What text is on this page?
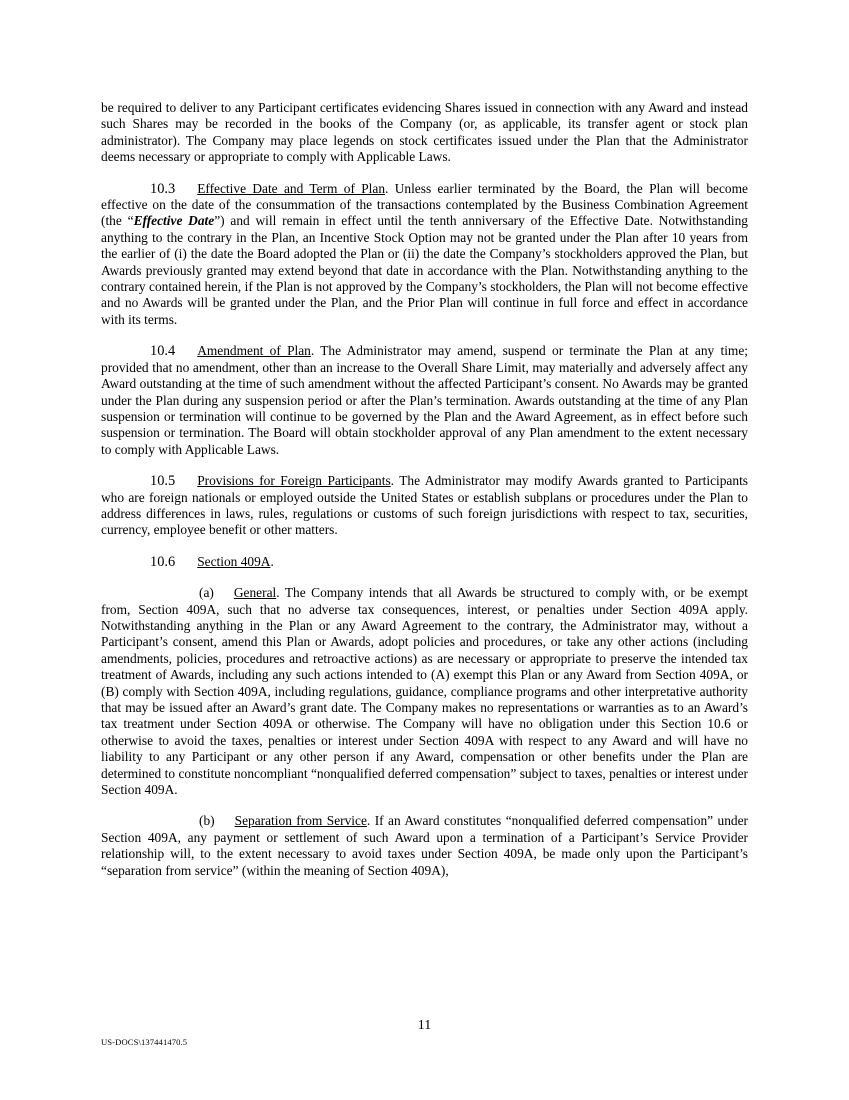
be required to deliver to any Participant certificates evidencing Shares issued in connection with any Award and instead such Shares may be recorded in the books of the Company (or, as applicable, its transfer agent or stock plan administrator). The Company may place legends on stock certificates issued under the Plan that the Administrator deems necessary or appropriate to comply with Applicable Laws.

10.3 Effective Date and Term of Plan. Unless earlier terminated by the Board, the Plan will become effective on the date of the consummation of the transactions contemplated by the Business Combination Agreement (the “Effective Date”) and will remain in effect until the tenth anniversary of the Effective Date. Notwithstanding anything to the contrary in the Plan, an Incentive Stock Option may not be granted under the Plan after 10 years from the earlier of (i) the date the Board adopted the Plan or (ii) the date the Company’s stockholders approved the Plan, but Awards previously granted may extend beyond that date in accordance with the Plan. Notwithstanding anything to the contrary contained herein, if the Plan is not approved by the Company’s stockholders, the Plan will not become effective and no Awards will be granted under the Plan, and the Prior Plan will continue in full force and effect in accordance with its terms.

10.4 Amendment of Plan. The Administrator may amend, suspend or terminate the Plan at any time; provided that no amendment, other than an increase to the Overall Share Limit, may materially and adversely affect any Award outstanding at the time of such amendment without the affected Participant’s consent. No Awards may be granted under the Plan during any suspension period or after the Plan’s termination. Awards outstanding at the time of any Plan suspension or termination will continue to be governed by the Plan and the Award Agreement, as in effect before such suspension or termination. The Board will obtain stockholder approval of any Plan amendment to the extent necessary to comply with Applicable Laws.

10.5 Provisions for Foreign Participants. The Administrator may modify Awards granted to Participants who are foreign nationals or employed outside the United States or establish subplans or procedures under the Plan to address differences in laws, rules, regulations or customs of such foreign jurisdictions with respect to tax, securities, currency, employee benefit or other matters.

10.6 Section 409A.

(a) General. The Company intends that all Awards be structured to comply with, or be exempt from, Section 409A, such that no adverse tax consequences, interest, or penalties under Section 409A apply. Notwithstanding anything in the Plan or any Award Agreement to the contrary, the Administrator may, without a Participant’s consent, amend this Plan or Awards, adopt policies and procedures, or take any other actions (including amendments, policies, procedures and retroactive actions) as are necessary or appropriate to preserve the intended tax treatment of Awards, including any such actions intended to (A) exempt this Plan or any Award from Section 409A, or (B) comply with Section 409A, including regulations, guidance, compliance programs and other interpretative authority that may be issued after an Award’s grant date. The Company makes no representations or warranties as to an Award’s tax treatment under Section 409A or otherwise. The Company will have no obligation under this Section 10.6 or otherwise to avoid the taxes, penalties or interest under Section 409A with respect to any Award and will have no liability to any Participant or any other person if any Award, compensation or other benefits under the Plan are determined to constitute noncompliant “nonqualified deferred compensation” subject to taxes, penalties or interest under Section 409A.

(b) Separation from Service. If an Award constitutes “nonqualified deferred compensation” under Section 409A, any payment or settlement of such Award upon a termination of a Participant’s Service Provider relationship will, to the extent necessary to avoid taxes under Section 409A, be made only upon the Participant’s “separation from service” (within the meaning of Section 409A),

11
US-DOCS\137441470.5
